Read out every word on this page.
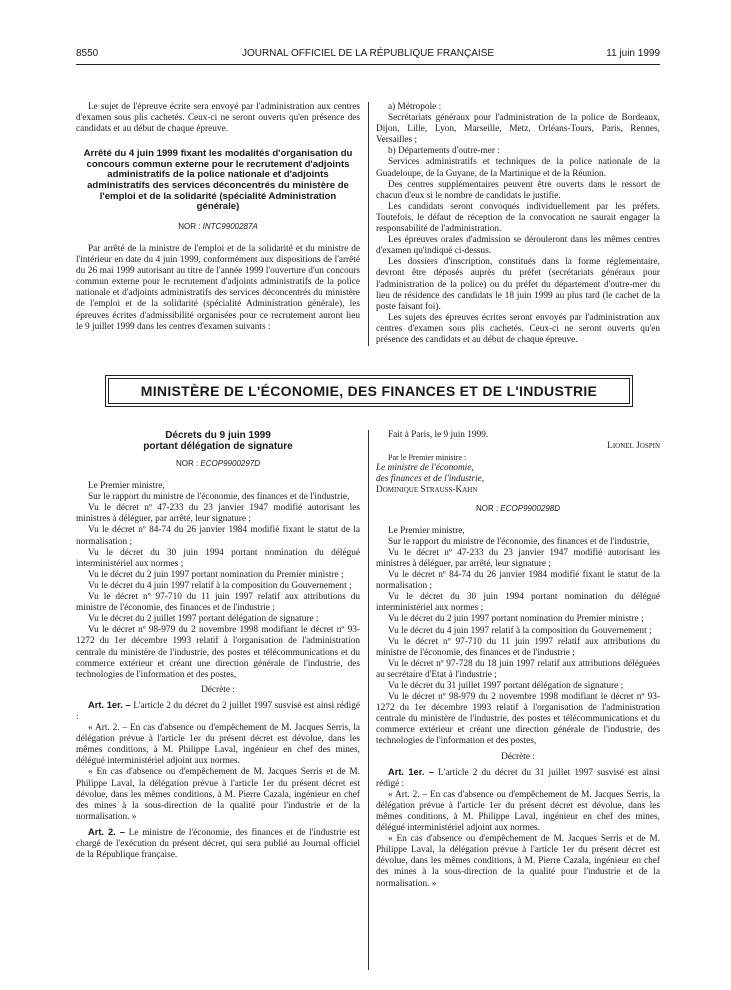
8550	JOURNAL OFFICIEL DE LA RÉPUBLIQUE FRANÇAISE	11 juin 1999

Le sujet de l'épreuve écrite sera envoyé par l'administration aux centres d'examen sous plis cachetés. Ceux-ci ne seront ouverts qu'en présence des candidats et au début de chaque épreuve.

Arrêté du 4 juin 1999 fixant les modalités d'organisation du concours commun externe pour le recrutement d'adjoints administratifs de la police nationale et d'adjoints administratifs des services déconcentrés du ministère de l'emploi et de la solidarité (spécialité Administration générale)
NOR : INTC9900287A

Par arrêté de la ministre de l'emploi et de la solidarité et du ministre de l'intérieur en date du 4 juin 1999, conformément aux dispositions de l'arrêté du 26 mai 1999 autorisant au titre de l'année 1999 l'ouverture d'un concours commun externe pour le recrutement d'adjoints administratifs de la police nationale et d'adjoints administratifs des services déconcentrés du ministère de l'emploi et de la solidarité (spécialité Administration générale), les épreuves écrites d'admissibilité organisées pour ce recrutement auront lieu le 9 juillet 1999 dans les centres d'examen suivants :

a) Métropole :

Secrétariats généraux pour l'administration de la police de Bordeaux, Dijon, Lille, Lyon, Marseille, Metz, Orléans-Tours, Paris, Rennes, Versailles ;

b) Départements d'outre-mer :

Services administratifs et techniques de la police nationale de la Guadeloupe, de la Guyane, de la Martinique et de la Réunion.

Des centres supplémentaires peuvent être ouverts dans le ressort de chacun d'eux si le nombre de candidats le justifie.

Les candidats seront convoqués individuellement par les préfets. Toutefois, le défaut de réception de la convocation ne saurait engager la responsabilité de l'administration.

Les épreuves orales d'admission se dérouleront dans les mêmes centres d'examen qu'indiqué ci-dessus.

Les dossiers d'inscription, constitués dans la forme réglementaire, devront être déposés auprès du préfet (secrétariats généraux pour l'administration de la police) ou du préfet du département d'outre-mer du lieu de résidence des candidats le 18 juin 1999 au plus tard (le cachet de la poste faisant foi).

Les sujets des épreuves écrites seront envoyés par l'administration aux centres d'examen sous plis cachetés. Ceux-ci ne seront ouverts qu'en présence des candidats et au début de chaque épreuve.

MINISTÈRE DE L'ÉCONOMIE, DES FINANCES ET DE L'INDUSTRIE
Décrets du 9 juin 1999
portant délégation de signature
NOR : ECOP9900297D

Le Premier ministre,

Sur le rapport du ministre de l'économie, des finances et de l'industrie,

Vu le décret nº 47-233 du 23 janvier 1947 modifié autorisant les ministres à déléguer, par arrêté, leur signature ;

Vu le décret nº 84-74 du 26 janvier 1984 modifié fixant le statut de la normalisation ;

Vu le décret du 30 juin 1994 portant nomination du délégué interministériel aux normes ;

Vu le décret du 2 juin 1997 portant nomination du Premier ministre ;

Vu le décret du 4 juin 1997 relatif à la composition du Gouvernement ;

Vu le décret nº 97-710 du 11 juin 1997 relatif aux attributions du ministre de l'économie, des finances et de l'industrie ;

Vu le décret du 2 juillet 1997 portant délégation de signature ;

Vu le décret nº 98-979 du 2 novembre 1998 modifiant le décret nº 93-1272 du 1er décembre 1993 relatif à l'organisation de l'administration centrale du ministère de l'industrie, des postes et télécommunications et du commerce extérieur et créant une direction générale de l'industrie, des technologies de l'information et des postes,

Décrète :

Art. 1er. – L'article 2 du décret du 2 juillet 1997 susvisé est ainsi rédigé :

« Art. 2. – En cas d'absence ou d'empêchement de M. Jacques Serris, la délégation prévue à l'article 1er du présent décret est dévolue, dans les mêmes conditions, à M. Philippe Laval, ingénieur en chef des mines, délégué interministériel adjoint aux normes.

« En cas d'absence ou d'empêchement de M. Jacques Serris et de M. Philippe Laval, la délégation prévue à l'article 1er du présent décret est dévolue, dans les mêmes conditions, à M. Pierre Cazala, ingénieur en chef des mines à la sous-direction de la qualité pour l'industrie et de la normalisation. »

Art. 2. – Le ministre de l'économie, des finances et de l'industrie est chargé de l'exécution du présent décret, qui sera publié au Journal officiel de la République française.

Fait à Paris, le 9 juin 1999.

Lionel Jospin

Par le Premier ministre :

Le ministre de l'économie,

des finances et de l'industrie,

Dominique Strauss-Kahn

NOR : ECOP9900298D

Le Premier ministre,

Sur le rapport du ministre de l'économie, des finances et de l'industrie,

Vu le décret nº 47-233 du 23 janvier 1947 modifié autorisant les ministres à déléguer, par arrêté, leur signature ;

Vu le décret nº 84-74 du 26 janvier 1984 modifié fixant le statut de la normalisation ;

Vu le décret du 30 juin 1994 portant nomination du délégué interministériel aux normes ;

Vu le décret du 2 juin 1997 portant nomination du Premier ministre ;

Vu le décret du 4 juin 1997 relatif à la composition du Gouvernement ;

Vu le décret nº 97-710 du 11 juin 1997 relatif aux attributions du ministre de l'économie, des finances et de l'industrie ;

Vu le décret nº 97-728 du 18 juin 1997 relatif aux attributions déléguées au secrétaire d'Etat à l'industrie ;

Vu le décret du 31 juillet 1997 portant délégation de signature ;

Vu le décret nº 98-979 du 2 novembre 1998 modifiant le décret nº 93-1272 du 1er décembre 1993 relatif à l'organisation de l'administration centrale du ministère de l'industrie, des postes et télécommunications et du commerce extérieur et créant une direction générale de l'industrie, des technologies de l'information et des postes,

Décrète :

Art. 1er. – L'article 2 du décret du 31 juillet 1997 susvisé est ainsi rédigé :

« Art. 2. – En cas d'absence ou d'empêchement de M. Jacques Serris, la délégation prévue à l'article 1er du présent décret est dévolue, dans les mêmes conditions, à M. Philippe Laval, ingénieur en chef des mines, délégué interministériel adjoint aux normes.

« En cas d'absence ou d'empêchement de M. Jacques Serris et de M. Philippe Laval, la délégation prévue à l'article 1er du présent décret est dévolue, dans les mêmes conditions, à M. Pierre Cazala, ingénieur en chef des mines à la sous-direction de la qualité pour l'industrie et de la normalisation. »
